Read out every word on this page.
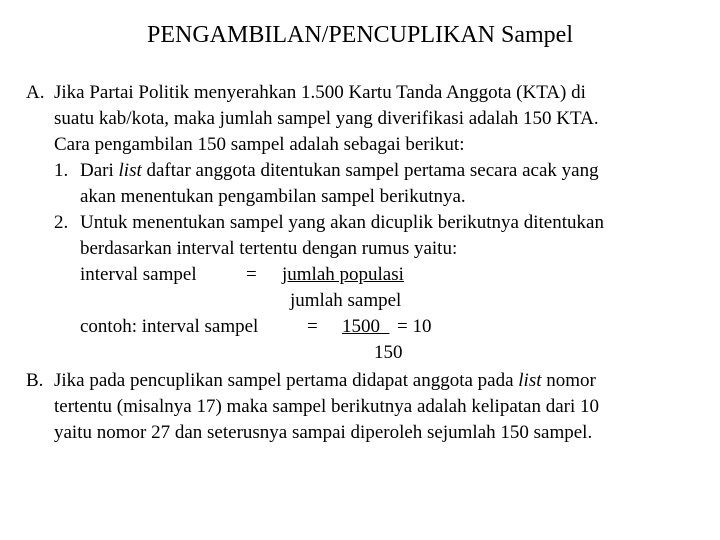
PENGAMBILAN/PENCUPLIKAN Sampel
A. Jika Partai Politik menyerahkan 1.500 Kartu Tanda Anggota (KTA) di
suatu kab/kota, maka jumlah sampel yang diverifikasi adalah 150 KTA.
Cara pengambilan 150 sampel adalah sebagai berikut:
1. Dari list daftar anggota ditentukan sampel pertama secara acak yang
akan menentukan pengambilan sampel berikutnya.
2. Untuk menentukan sampel yang akan dicuplik berikutnya ditentukan
berdasarkan interval tertentu dengan rumus yaitu:
interval sampel	= jumlah populasi
jumlah sampel
contoh: interval sampel	= 1500 = 10
150
B. Jika pada pencuplikan sampel pertama didapat anggota pada list nomor
tertentu (misalnya 17) maka sampel berikutnya adalah kelipatan dari 10
yaitu nomor 27 dan seterusnya sampai diperoleh sejumlah 150 sampel.
